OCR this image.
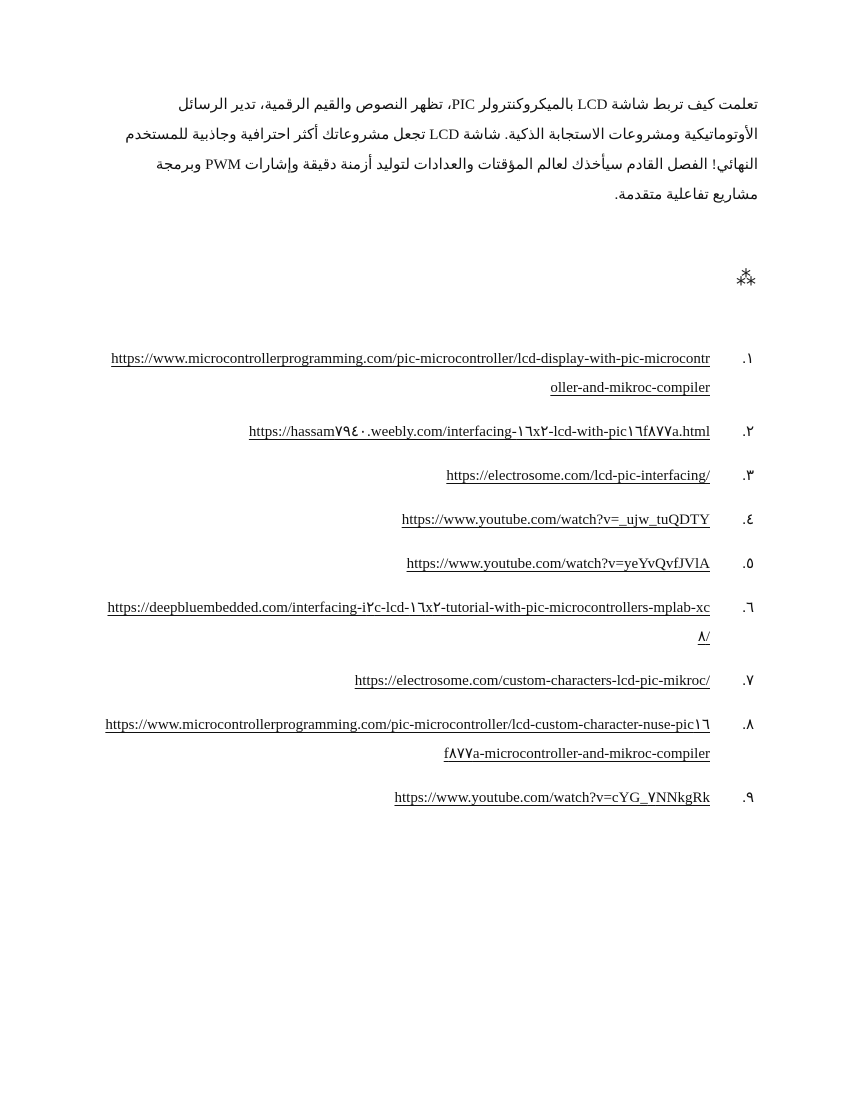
تعلمت كيف تربط شاشة LCD بالميكروكنترولر PIC، تظهر النصوص والقيم الرقمية، تدير الرسائل الأوتوماتيكية ومشروعات الاستجابة الذكية. شاشة LCD تجعل مشروعاتك أكثر احترافية وجاذبية للمستخدم النهائي! الفصل القادم سيأخذك لعالم المؤقتات والعدادات لتوليد أزمنة دقيقة وإشارات PWM وبرمجة مشاريع تفاعلية متقدمة.

⁂
١.
https://www.microcontrollerprogramming.com/pic-microcontroller/lcd-display-with-pic-microcontroller-and-mikroc-compiler
٢.
https://hassam٧٩٤٠.weebly.com/interfacing-١٦x٢-lcd-with-pic١٦f٨٧٧a.html
٣.
https://electrosome.com/lcd-pic-interfacing/
٤.
https://www.youtube.com/watch?v=_ujw_tuQDTY
٥.
https://www.youtube.com/watch?v=yeYvQvfJVlA
٦.
https://deepbluembedded.com/interfacing-i٢c-lcd-١٦x٢-tutorial-with-pic-microcontrollers-mplab-xc٨/
٧.
https://electrosome.com/custom-characters-lcd-pic-mikroc/
٨.
https://www.microcontrollerprogramming.com/pic-microcontroller/lcd-custom-character-nuse-pic١٦f٨٧٧a-microcontroller-and-mikroc-compiler
٩.
https://www.youtube.com/watch?v=cYG_٧NNkgRk
